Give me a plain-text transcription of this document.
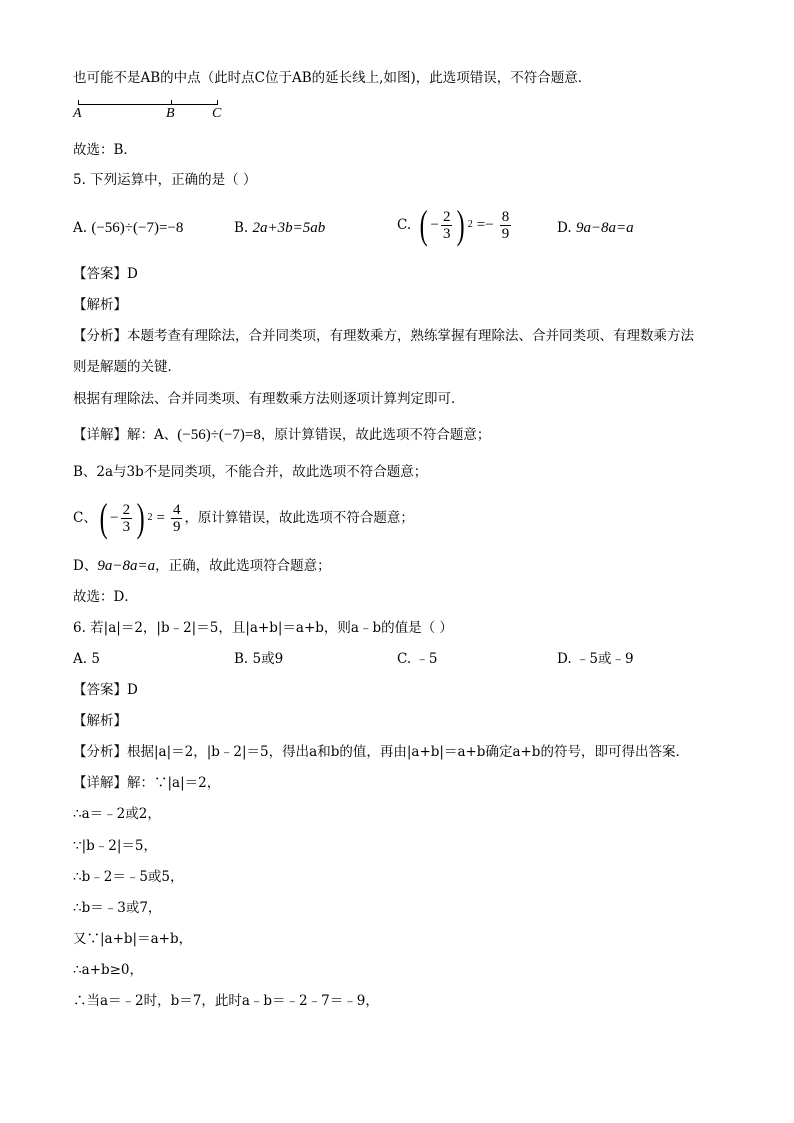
也可能不是AB的中点（此时点C位于AB的延长线上,如图)，此选项错误，不符合题意．
A	B	C
故选：B．
5. 下列运算中，正确的是（ ）
A. (−56)÷(−7)=−8	B. 2a+3b=5ab	C. ( − $\frac{2}{3}$ ) $2 =- \frac{8}{9}$	D. 9a−8a=a
【答案】D
【解析】
【分析】本题考查有理除法，合并同类项，有理数乘方，熟练掌握有理除法、合并同类项、有理数乘方法
则是解题的关键．
根据有理除法、合并同类项、有理数乘方法则逐项计算判定即可．
【详解】解：A、(−56)÷(−7)=8，原计算错误，故此选项不符合题意；
B、2a与3b不是同类项，不能合并，故此选项不符合题意；
C、 ( − $\frac{2}{3}$ ) $2 = \frac{4}{9}$ ，原计算错误，故此选项不符合题意；
D、9a−8a=a，正确，故此选项符合题意；
故选：D．
6. 若|a|＝2，|b﹣2|＝5，且|a+b|＝a+b，则a﹣b的值是（ ）
A. 5	B. 5或9	C. ﹣5	D. ﹣5或﹣9
【答案】D
【解析】
【分析】根据|a|＝2，|b﹣2|＝5，得出a和b的值，再由|a+b|＝a+b确定a+b的符号，即可得出答案．
【详解】解：∵|a|＝2，
∴a＝﹣2或2，
∵|b﹣2|＝5，
∴b﹣2＝﹣5或5，
∴b＝﹣3或7，
又∵|a+b|＝a+b，
∴a+b≥0，
∴当a＝﹣2时，b＝7，此时a﹣b＝﹣2﹣7＝﹣9，
